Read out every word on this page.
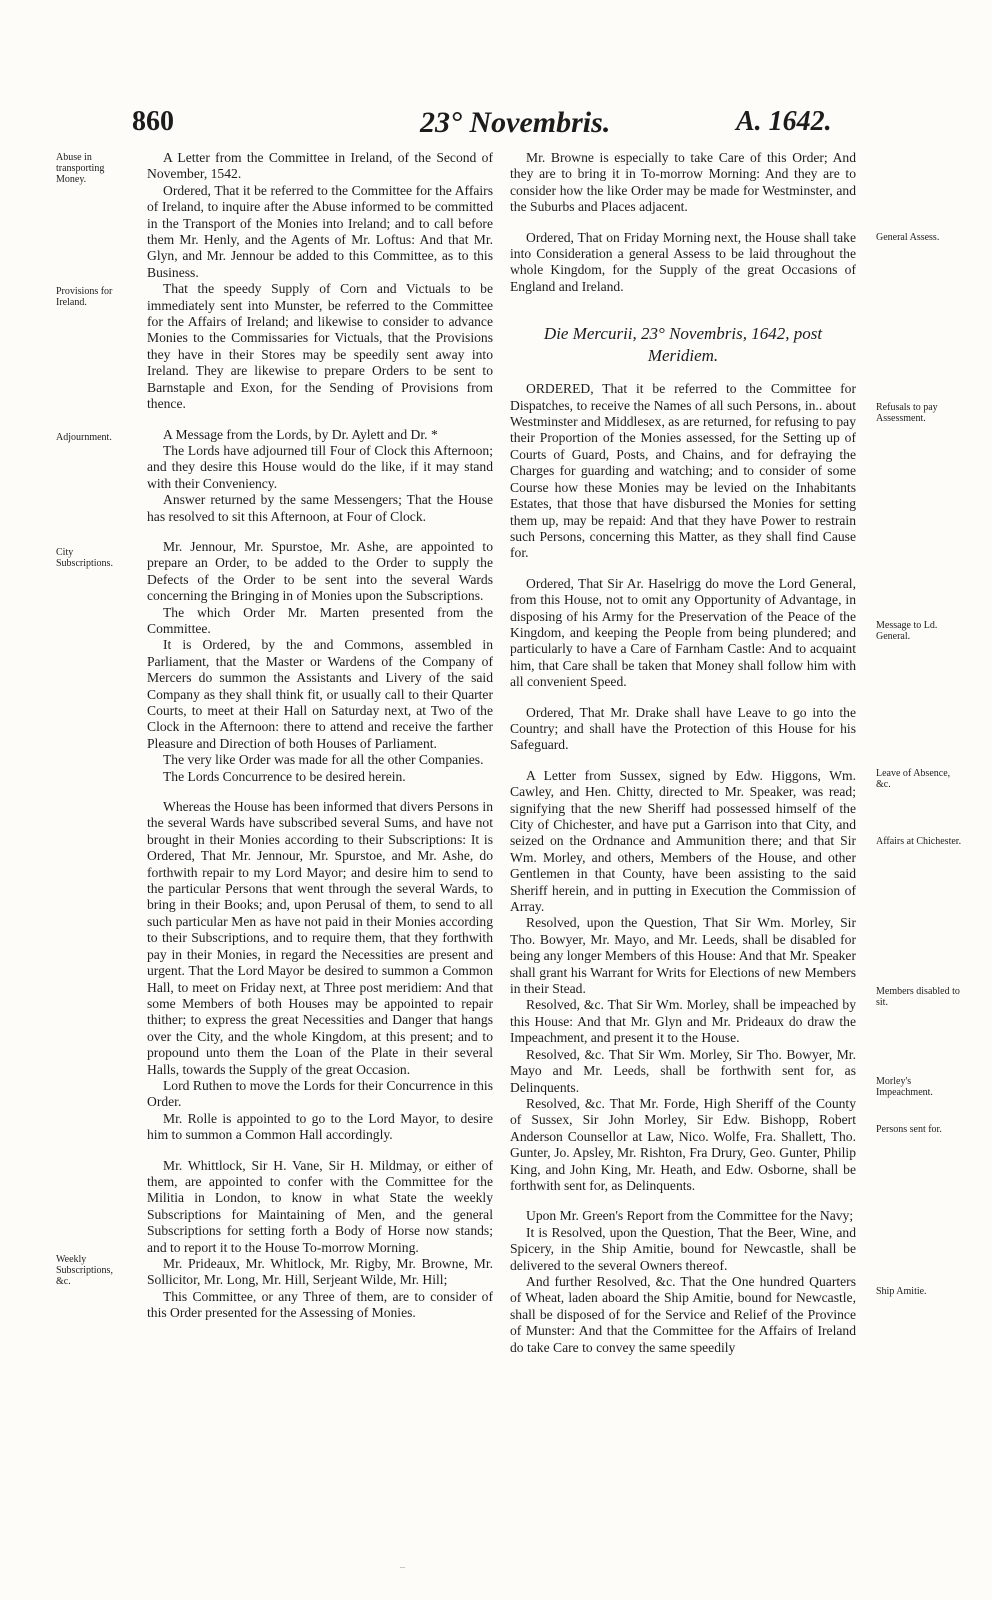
860	23° Novembris.	A. 1642.

A Letter from the Committee in Ireland, of the Second of November, 1542.

Ordered, That it be referred to the Committee for the Affairs of Ireland, to inquire after the Abuse informed to be committed in the Transport of the Monies into Ireland; and to call before them Mr. Henly, and the Agents of Mr. Loftus: And that Mr. Glyn, and Mr. Jennour be added to this Committee, as to this Business.

That the speedy Supply of Corn and Victuals to be immediately sent into Munster, be referred to the Committee for the Affairs of Ireland; and likewise to consider to advance Monies to the Commissaries for Victuals, that the Provisions they have in their Stores may be speedily sent away into Ireland. They are likewise to prepare Orders to be sent to Barnstaple and Exon, for the Sending of Provisions from thence.

A Message from the Lords, by Dr. Aylett and Dr. *

The Lords have adjourned till Four of Clock this Afternoon; and they desire this House would do the like, if it may stand with their Conveniency.

Answer returned by the same Messengers; That the House has resolved to sit this Afternoon, at Four of Clock.

Mr. Jennour, Mr. Spurstoe, Mr. Ashe, are appointed to prepare an Order, to be added to the Order to supply the Defects of the Order to be sent into the several Wards concerning the Bringing in of Monies upon the Subscriptions.

The which Order Mr. Marten presented from the Committee.

It is Ordered, by the and Commons, assembled in Parliament, that the Master or Wardens of the Company of Mercers do summon the Assistants and Livery of the said Company as they shall think fit, or usually call to their Quarter Courts, to meet at their Hall on Saturday next, at Two of the Clock in the Afternoon: there to attend and receive the farther Pleasure and Direction of both Houses of Parliament.

The very like Order was made for all the other Companies.

The Lords Concurrence to be desired herein.

Whereas the House has been informed that divers Persons in the several Wards have subscribed several Sums, and have not brought in their Monies according to their Subscriptions: It is Ordered, That Mr. Jennour, Mr. Spurstoe, and Mr. Ashe, do forthwith repair to my Lord Mayor; and desire him to send to the particular Persons that went through the several Wards, to bring in their Books; and, upon Perusal of them, to send to all such particular Men as have not paid in their Monies according to their Subscriptions, and to require them, that they forthwith pay in their Monies, in regard the Necessities are present and urgent. That the Lord Mayor be desired to summon a Common Hall, to meet on Friday next, at Three post meridiem: And that some Members of both Houses may be appointed to repair thither; to express the great Necessities and Danger that hangs over the City, and the whole Kingdom, at this present; and to propound unto them the Loan of the Plate in their several Halls, towards the Supply of the great Occasion.

Lord Ruthen to move the Lords for their Concurrence in this Order.

Mr. Rolle is appointed to go to the Lord Mayor, to desire him to summon a Common Hall accordingly.

Mr. Whittlock, Sir H. Vane, Sir H. Mildmay, or either of them, are appointed to confer with the Committee for the Militia in London, to know in what State the weekly Subscriptions for Maintaining of Men, and the general Subscriptions for setting forth a Body of Horse now stands; and to report it to the House To-morrow Morning.

Mr. Prideaux, Mr. Whitlock, Mr. Rigby, Mr. Browne, Mr. Sollicitor, Mr. Long, Mr. Hill, Serjeant Wilde, Mr. Hill;

This Committee, or any Three of them, are to consider of this Order presented for the Assessing of Monies.

Mr. Browne is especially to take Care of this Order; And they are to bring it in To-morrow Morning: And they are to consider how the like Order may be made for Westminster, and the Suburbs and Places adjacent.

Ordered, That on Friday Morning next, the House shall take into Consideration a general Assess to be laid throughout the whole Kingdom, for the Supply of the great Occasions of England and Ireland.

Die Mercurii, 23° Novembris, 1642, post Meridiem.

ORDERED, That it be referred to the Committee for Dispatches, to receive the Names of all such Persons, in.. about Westminster and Middlesex, as are returned, for refusing to pay their Proportion of the Monies assessed, for the Setting up of Courts of Guard, Posts, and Chains, and for defraying the Charges for guarding and watching; and to consider of some Course how these Monies may be levied on the Inhabitants Estates, that those that have disbursed the Monies for setting them up, may be repaid: And that they have Power to restrain such Persons, concerning this Matter, as they shall find Cause for.

Ordered, That Sir Ar. Haselrigg do move the Lord General, from this House, not to omit any Opportunity of Advantage, in disposing of his Army for the Preservation of the Peace of the Kingdom, and keeping the People from being plundered; and particularly to have a Care of Farnham Castle: And to acquaint him, that Care shall be taken that Money shall follow him with all convenient Speed.

Ordered, That Mr. Drake shall have Leave to go into the Country; and shall have the Protection of this House for his Safeguard.

A Letter from Sussex, signed by Edw. Higgons, Wm. Cawley, and Hen. Chitty, directed to Mr. Speaker, was read; signifying that the new Sheriff had possessed himself of the City of Chichester, and have put a Garrison into that City, and seized on the Ordnance and Ammunition there; and that Sir Wm. Morley, and others, Members of the House, and other Gentlemen in that County, have been assisting to the said Sheriff herein, and in putting in Execution the Commission of Array.

Resolved, upon the Question, That Sir Wm. Morley, Sir Tho. Bowyer, Mr. Mayo, and Mr. Leeds, shall be disabled for being any longer Members of this House: And that Mr. Speaker shall grant his Warrant for Writs for Elections of new Members in their Stead.

Resolved, &c. That Sir Wm. Morley, shall be impeached by this House: And that Mr. Glyn and Mr. Prideaux do draw the Impeachment, and present it to the House.

Resolved, &c. That Sir Wm. Morley, Sir Tho. Bowyer, Mr. Mayo and Mr. Leeds, shall be forthwith sent for, as Delinquents.

Resolved, &c. That Mr. Forde, High Sheriff of the County of Sussex, Sir John Morley, Sir Edw. Bishopp, Robert Anderson Counsellor at Law, Nico. Wolfe, Fra. Shallett, Tho. Gunter, Jo. Apsley, Mr. Rishton, Fra Drury, Geo. Gunter, Philip King, and John King, Mr. Heath, and Edw. Osborne, shall be forthwith sent for, as Delinquents.

Upon Mr. Green's Report from the Committee for the Navy;

It is Resolved, upon the Question, That the Beer, Wine, and Spicery, in the Ship Amitie, bound for Newcastle, shall be delivered to the several Owners thereof.

And further Resolved, &c. That the One hundred Quarters of Wheat, laden aboard the Ship Amitie, bound for Newcastle, shall be disposed of for the Service and Relief of the Province of Munster: And that the Committee for the Affairs of Ireland do take Care to convey the same speedily

Abuse in transporting Money.
Provisions for Ireland.
Adjournment.
City Subscriptions.
Weekly Subscriptions, &c.
General Assess.
Refusals to pay Assessment.
Message to Ld. General.
Leave of Absence, &c.
Affairs at Chichester.
Members disabled to sit.
Morley's Impeachment.
Persons sent for.
Ship Amitie.
‒
